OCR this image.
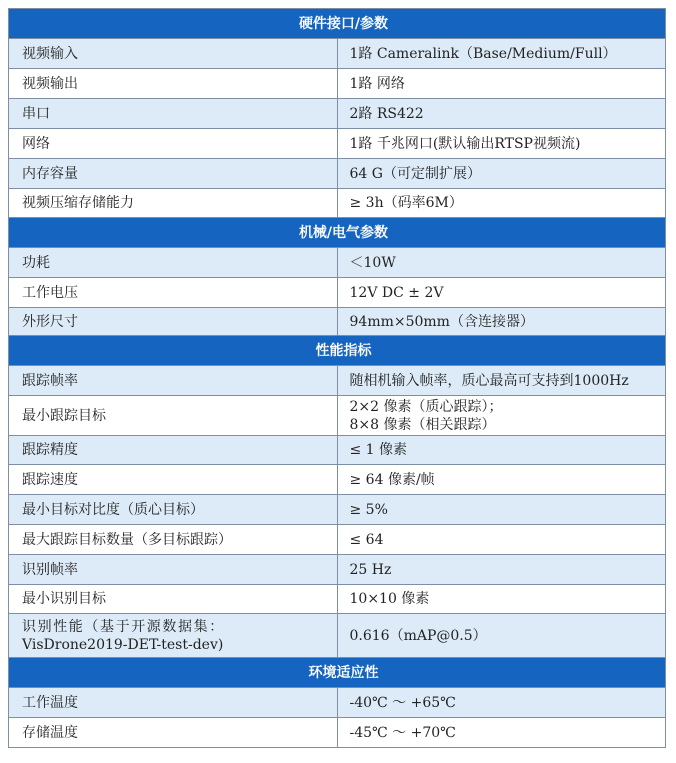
硬件接口/参数	
视频输入	1路 Cameralink（Base/Medium/Full）
视频输出	1路 网络
串口	2路 RS422
网络	1路 千兆网口(默认输出RTSP视频流)
内存容量	64 G（可定制扩展）
视频压缩存储能力	≥ 3h（码率6M）
机械/电气参数	
功耗	＜10W
工作电压	12V DC ± 2V
外形尺寸	94mm×50mm（含连接器）
性能指标	
跟踪帧率	随相机输入帧率，质心最高可支持到1000Hz
最小跟踪目标	2×2 像素（质心跟踪）；
8×8 像素（相关跟踪）

跟踪精度	≤ 1 像素
跟踪速度	≥ 64 像素/帧
最小目标对比度（质心目标）	≥ 5%
最大跟踪目标数量（多目标跟踪）	≤ 64
识别帧率	25 Hz
最小识别目标	10×10 像素

识别性能（基于开源数据集：
VisDrone2019-DET-test-dev)	0.616（mAP@0.5）
环境适应性	
工作温度	-40℃ ～ +65℃
存储温度	-45℃ ～ +70℃
